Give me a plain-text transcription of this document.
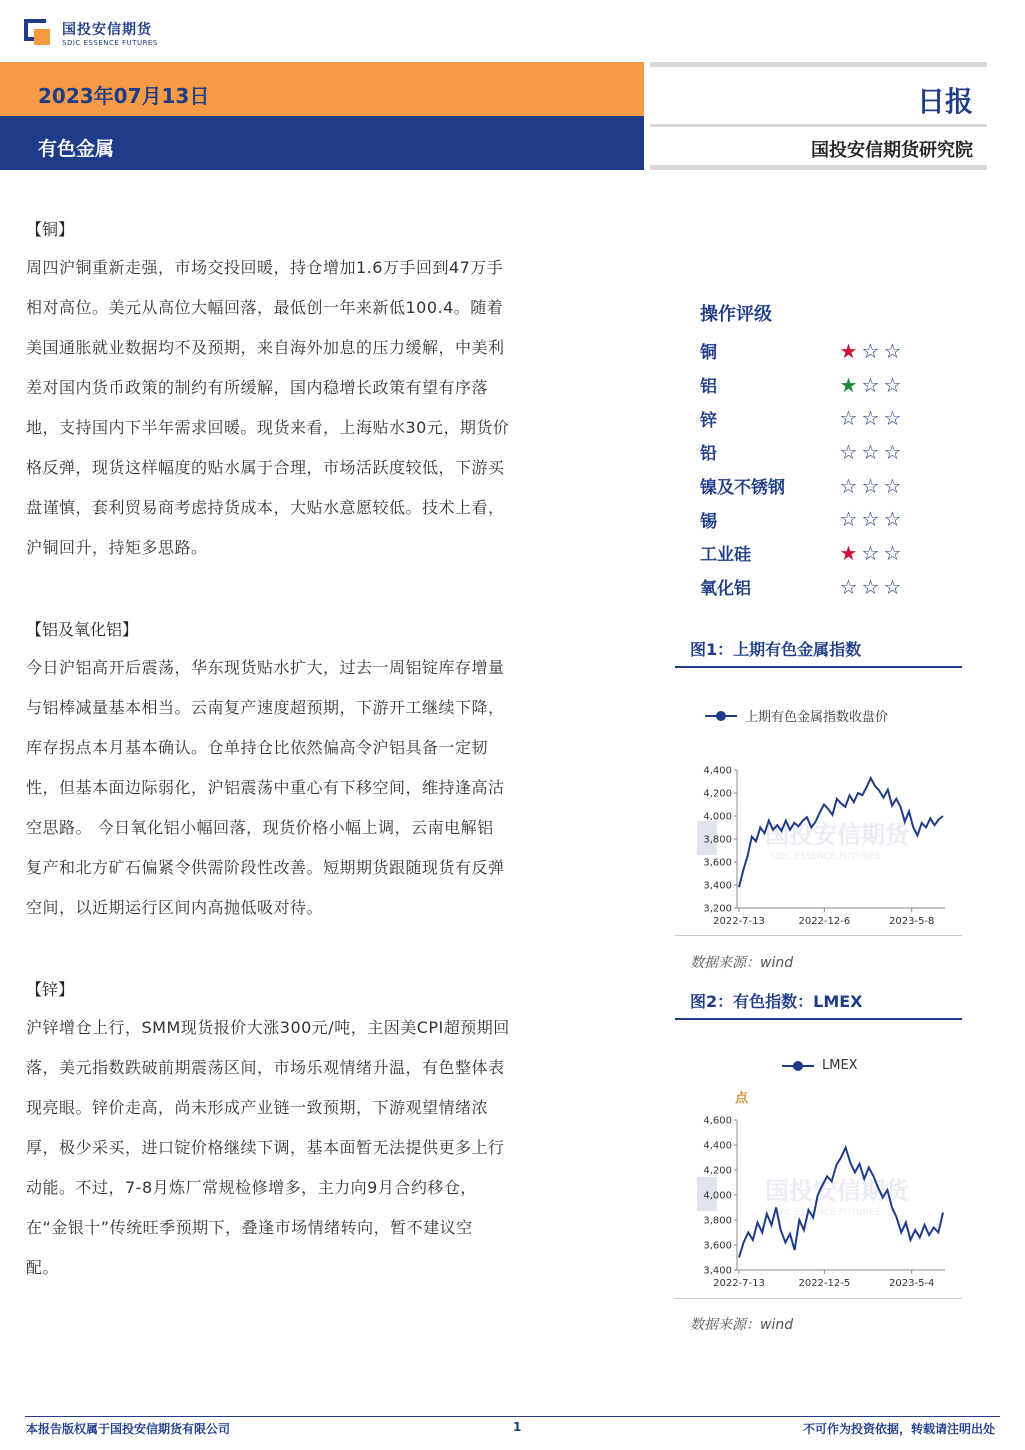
国投安信期货
SDIC ESSENCE FUTURES
2023年07月13日
有色金属
日报
国投安信期货研究院
【铜】
周四沪铜重新走强，市场交投回暖，持仓增加1.6万手回到47万手
相对高位。美元从高位大幅回落，最低创一年来新低100.4。随着
美国通胀就业数据均不及预期，来自海外加息的压力缓解，中美利
差对国内货币政策的制约有所缓解，国内稳增长政策有望有序落
地，支持国内下半年需求回暖。现货来看，上海贴水30元，期货价
格反弹，现货这样幅度的贴水属于合理，市场活跃度较低，下游买
盘谨慎，套利贸易商考虑持货成本，大贴水意愿较低。技术上看，
沪铜回升，持矩多思路。
【铝及氧化铝】
今日沪铝高开后震荡，华东现货贴水扩大，过去一周铝锭库存增量
与铝棒减量基本相当。云南复产速度超预期，下游开工继续下降，
库存拐点本月基本确认。仓单持仓比依然偏高令沪铝具备一定韧
性，但基本面边际弱化，沪铝震荡中重心有下移空间，维持逢高沽
空思路。 今日氧化铝小幅回落，现货价格小幅上调，云南电解铝
复产和北方矿石偏紧令供需阶段性改善。短期期货跟随现货有反弹
空间，以近期运行区间内高抛低吸对待。
【锌】
沪锌增仓上行，SMM现货报价大涨300元/吨，主因美CPI超预期回
落，美元指数跌破前期震荡区间，市场乐观情绪升温，有色整体表
现亮眼。锌价走高，尚未形成产业链一致预期，下游观望情绪浓
厚，极少采买，进口锭价格继续下调，基本面暂无法提供更多上行
动能。不过，7-8月炼厂常规检修增多，主力向9月合约移仓，
在“金银十”传统旺季预期下，叠逢市场情绪转向，暂不建议空
配。
操作评级
铜	★ ☆ ☆
铝	★ ☆ ☆
锌	☆ ☆ ☆
铅	☆ ☆ ☆
镍及不锈钢	☆ ☆ ☆
锡	☆ ☆ ☆
工业硅	★ ☆ ☆
氧化铝	☆ ☆ ☆
图1：上期有色金属指数
上期有色金属指数收盘价
国投安信期货
SDIC ESSENCE FUTURES
3,200
3,400
3,600
3,800
4,000
4,200
4,400
2022-7-13	2022-12-6	2023-5-8
数据来源：wind
图2：有色指数：LMEX
LMEX
国投安信期货
SDIC ESSENCE FUTURES
3,400
3,600
3,800
4,000
4,200
4,400
4,600
2022-7-13	2022-12-5	2023-5-4
点
数据来源：wind
本报告版权属于国投安信期货有限公司	1	不可作为投资依据，转载请注明出处
